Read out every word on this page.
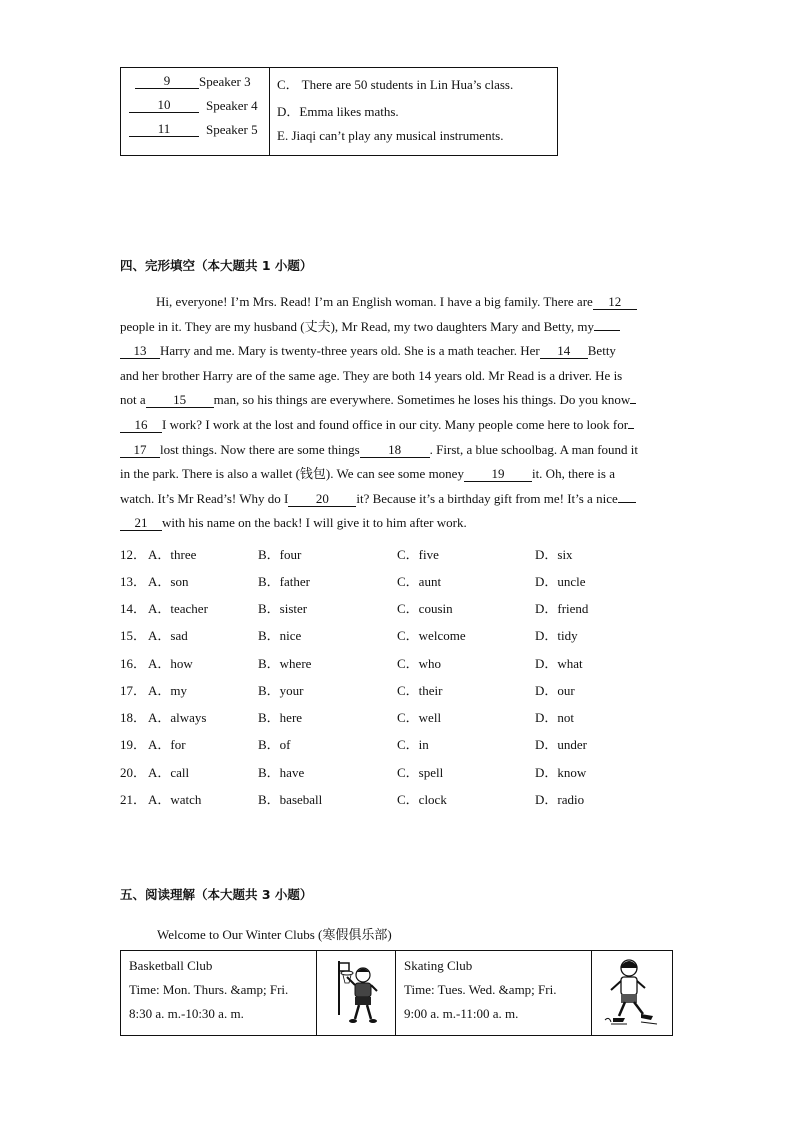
9	Speaker 3
10	Speaker 4
11	Speaker 5
C． There are 50 students in Lin Hua’s class.
D．Emma likes maths.
E. Jiaqi can’t play any musical instruments.
四、完形填空（本大题共 1 小题）
Hi, everyone! I’m Mrs. Read! I’m an English woman. I have a big family. There are 12
people in it. They are my husband (丈夫), Mr Read, my two daughters Mary and Betty, my
13 Harry and me. Mary is twenty-three years old. She is a math teacher. Her 14 Betty
and her brother Harry are of the same age. They are both 14 years old. Mr Read is a driver. He is
not a 15 man, so his things are everywhere. Sometimes he loses his things. Do you know
16 I work? I work at the lost and found office in our city. Many people come here to look for
17 lost things. Now there are some things 18 . First, a blue schoolbag. A man found it
in the park. There is also a wallet (钱包). We can see some money 19 it. Oh, there is a
watch. It’s Mr Read’s! Why do I 20 it? Because it’s a birthday gift from me! It’s a nice
21 with his name on the back! I will give it to him after work.
12． A．three	B．four	C．five	D．six
13． A．son	B．father	C．aunt	D．uncle
14． A．teacher	B．sister	C．cousin	D．friend
15． A．sad	B．nice	C．welcome	D．tidy
16． A．how	B．where	C．who	D．what
17． A．my	B．your	C．their	D．our
18． A．always	B．here	C．well	D．not
19． A．for	B．of	C．in	D．under
20． A．call	B．have	C．spell	D．know
21． A．watch	B．baseball	C．clock	D．radio
五、阅读理解（本大题共 3 小题）
Welcome to Our Winter Clubs (寒假俱乐部)
Basketball Club
Time: Mon. Thurs. &amp; Fri.
8:30 a. m.-10:30 a. m.
Skating Club
Time: Tues. Wed. &amp; Fri.
9:00 a. m.-11:00 a. m.
